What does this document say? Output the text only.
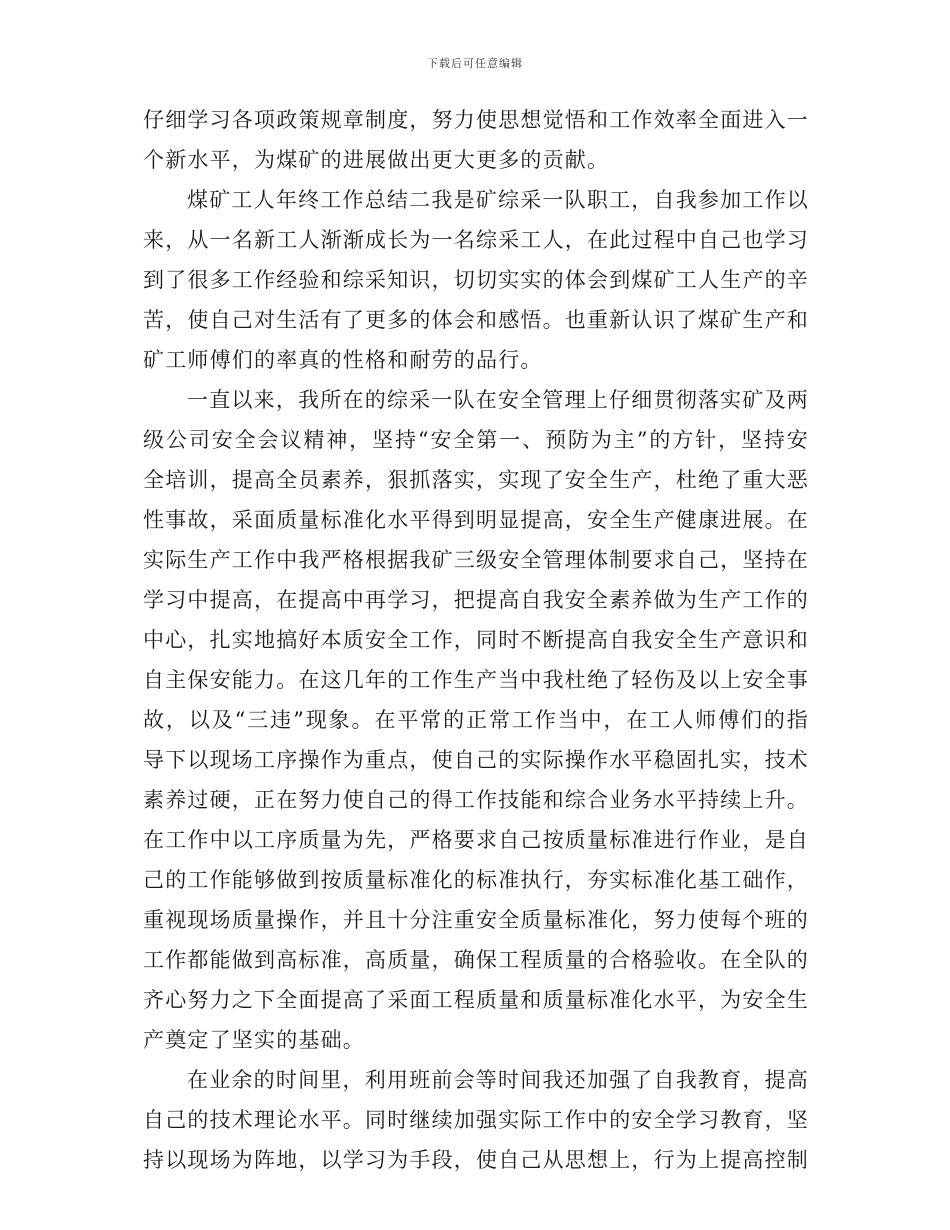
下载后可任意编辑

仔细学习各项政策规章制度，努力使思想觉悟和工作效率全面进入一个新水平，为煤矿的进展做出更大更多的贡献。

煤矿工人年终工作总结二我是矿综采一队职工，自我参加工作以来，从一名新工人渐渐成长为一名综采工人，在此过程中自己也学习到了很多工作经验和综采知识，切切实实的体会到煤矿工人生产的辛苦，使自己对生活有了更多的体会和感悟。也重新认识了煤矿生产和矿工师傅们的率真的性格和耐劳的品行。

一直以来，我所在的综采一队在安全管理上仔细贯彻落实矿及两级公司安全会议精神，坚持“安全第一、预防为主”的方针，坚持安全培训，提高全员素养，狠抓落实，实现了安全生产，杜绝了重大恶性事故，采面质量标准化水平得到明显提高，安全生产健康进展。在实际生产工作中我严格根据我矿三级安全管理体制要求自己，坚持在学习中提高，在提高中再学习，把提高自我安全素养做为生产工作的中心，扎实地搞好本质安全工作，同时不断提高自我安全生产意识和自主保安能力。在这几年的工作生产当中我杜绝了轻伤及以上安全事故，以及“三违”现象。在平常的正常工作当中，在工人师傅们的指导下以现场工序操作为重点，使自己的实际操作水平稳固扎实，技术素养过硬，正在努力使自己的得工作技能和综合业务水平持续上升。在工作中以工序质量为先，严格要求自己按质量标准进行作业，是自己的工作能够做到按质量标准化的标准执行，夯实标准化基工础作，重视现场质量操作，并且十分注重安全质量标准化，努力使每个班的工作都能做到高标准，高质量，确保工程质量的合格验收。在全队的齐心努力之下全面提高了采面工程质量和质量标准化水平，为安全生产奠定了坚实的基础。

在业余的时间里，利用班前会等时间我还加强了自我教育，提高自己的技术理论水平。同时继续加强实际工作中的安全学习教育，坚持以现场为阵地，以学习为手段，使自己从思想上，行为上提高控制
